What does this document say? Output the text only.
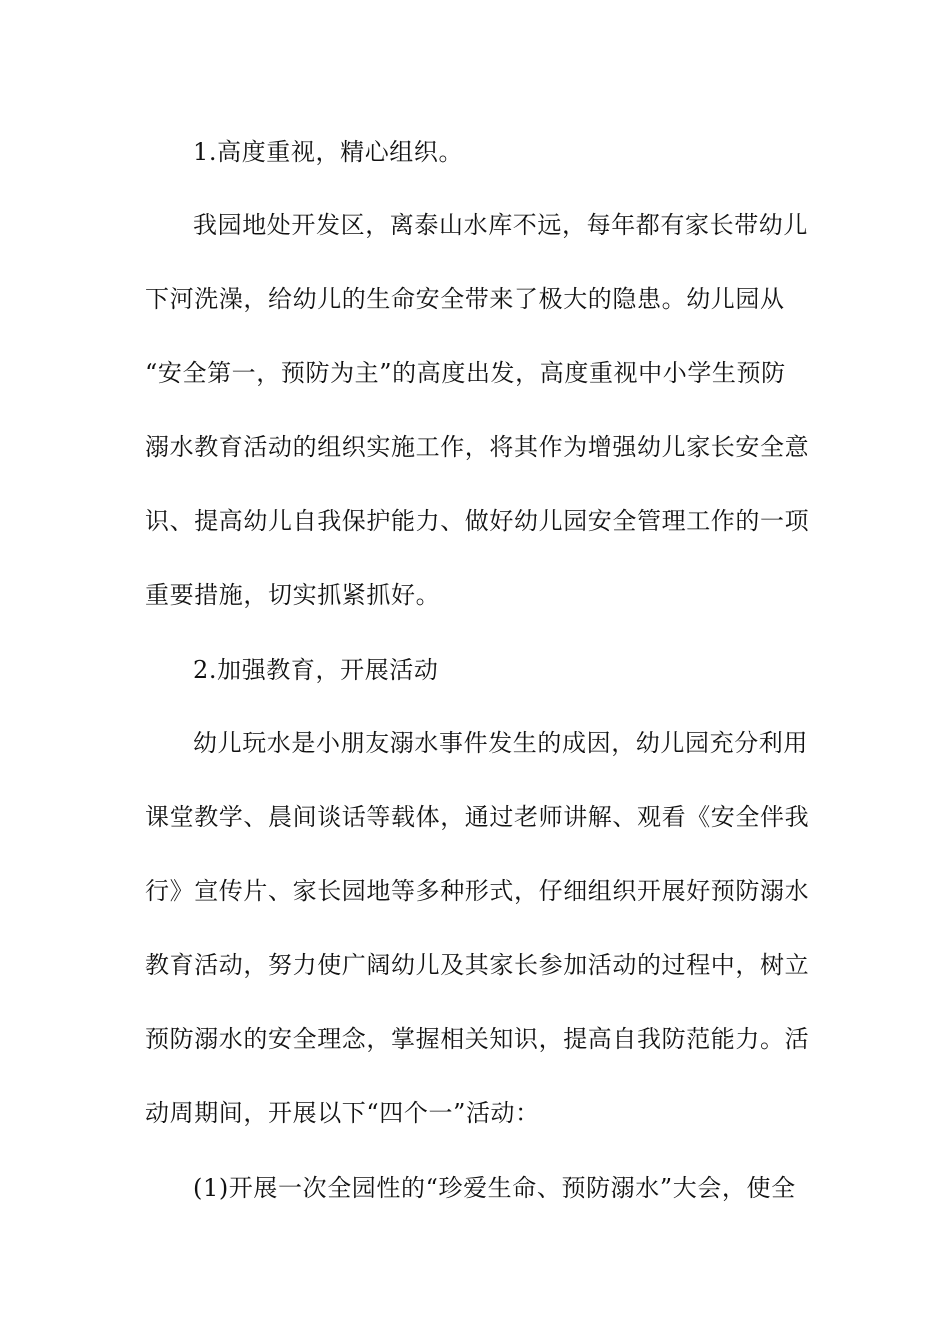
1.高度重视，精心组织。
我园地处开发区，离泰山水库不远，每年都有家长带幼儿
下河洗澡，给幼儿的生命安全带来了极大的隐患。幼儿园从
“安全第一，预防为主”的高度出发，高度重视中小学生预防
溺水教育活动的组织实施工作，将其作为增强幼儿家长安全意
识、提高幼儿自我保护能力、做好幼儿园安全管理工作的一项
重要措施，切实抓紧抓好。
2.加强教育，开展活动
幼儿玩水是小朋友溺水事件发生的成因，幼儿园充分利用
课堂教学、晨间谈话等载体，通过老师讲解、观看《安全伴我
行》宣传片、家长园地等多种形式，仔细组织开展好预防溺水
教育活动，努力使广阔幼儿及其家长参加活动的过程中，树立
预防溺水的安全理念，掌握相关知识，提高自我防范能力。活
动周期间，开展以下“四个一”活动：
(1)开展一次全园性的“珍爱生命、预防溺水”大会，使全
